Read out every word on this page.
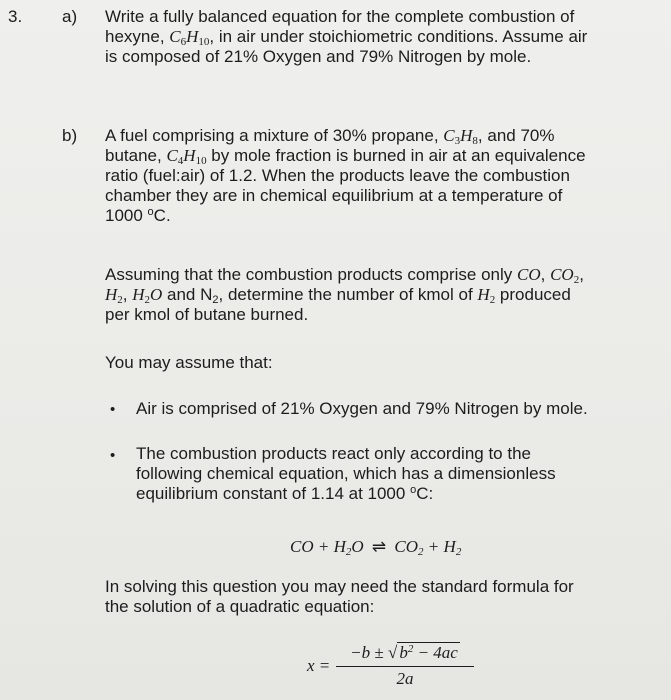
3. a) Write a fully balanced equation for the complete combustion of
hexyne, $C_6H_{10}$, in air under stoichiometric conditions. Assume air
is composed of 21% Oxygen and 79% Nitrogen by mole.
b) A fuel comprising a mixture of 30% propane, $C_3H_8$, and 70%
butane, $C_4H_{10}$ by mole fraction is burned in air at an equivalence
ratio (fuel:air) of 1.2. When the products leave the combustion
chamber they are in chemical equilibrium at a temperature of
1000 $^o$C.
Assuming that the combustion products comprise only CO, $CO_2$,
$H_2$, $H_2O$ and $N_2$, determine the number of kmol of $H_2$ produced
per kmol of butane burned.
You may assume that:
• Air is comprised of 21% Oxygen and 79% Nitrogen by mole.
• The combustion products react only according to the
following chemical equation, which has a dimensionless
equilibrium constant of 1.14 at 1000 $^o$C:
CO + $H_2O$ ⇌ $CO_2 + H_2$
In solving this question you may need the standard formula for
the solution of a quadratic equation:
x =
−b ± √ $b^2 - 4ac$
2a
